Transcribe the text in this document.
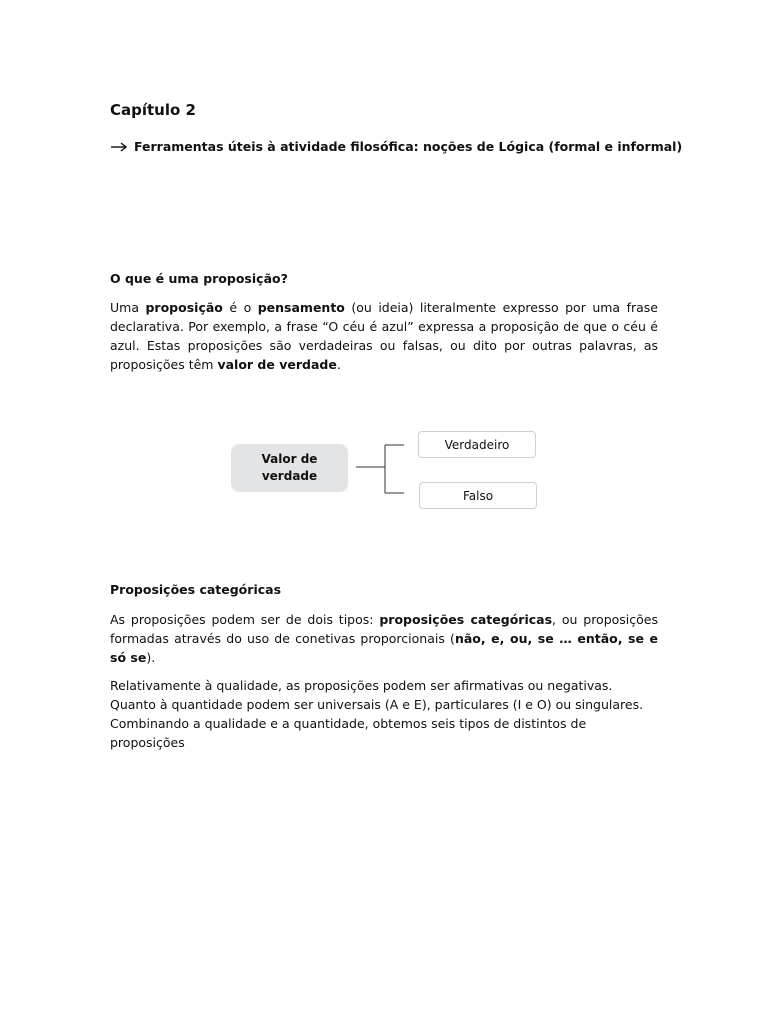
Capítulo 2

Ferramentas úteis à atividade filosófica: noções de Lógica (formal e informal)

O que é uma proposição?

Uma proposição é o pensamento (ou ideia) literalmente expresso por uma frase declarativa. Por exemplo, a frase “O céu é azul” expressa a proposição de que o céu é azul. Estas proposições são verdadeiras ou falsas, ou dito por outras palavras, as proposições têm valor de verdade.

Valor de verdade
Verdadeiro
Falso
Proposições categóricas

As proposições podem ser de dois tipos: proposições categóricas, ou proposições formadas através do uso de conetivas proporcionais (não, e, ou, se … então, se e só se).

Relativamente à qualidade, as proposições podem ser afirmativas ou negativas.
Quanto à quantidade podem ser universais (A e E), particulares (I e O) ou singulares.
Combinando a qualidade e a quantidade, obtemos seis tipos de distintos de
proposições
